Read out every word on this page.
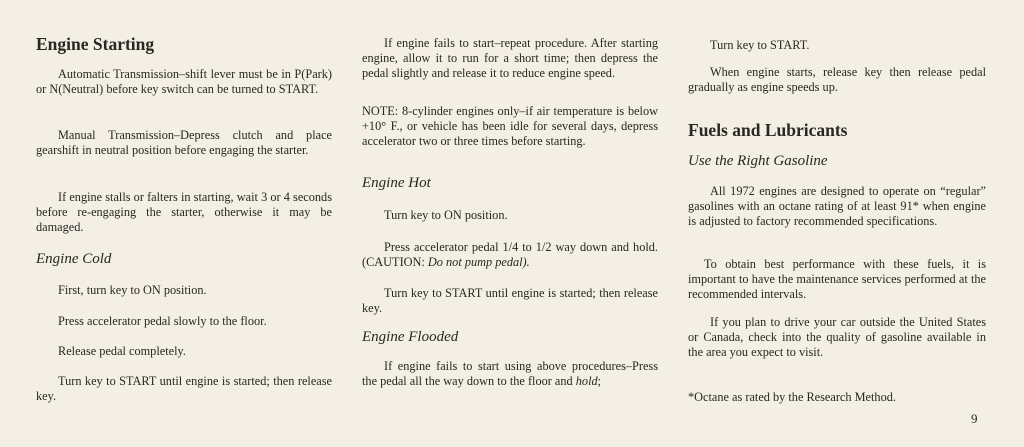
Engine Starting

Automatic Transmission–shift lever must be in P(Park) or N(Neutral) before key switch can be turned to START.

Manual Transmission–Depress clutch and place gearshift in neutral position before engaging the starter.

If engine stalls or falters in starting, wait 3 or 4 seconds before re-engaging the starter, otherwise it may be damaged.

Engine Cold

First, turn key to ON position.

Press accelerator pedal slowly to the floor.

Release pedal completely.

Turn key to START until engine is started; then release key.

If engine fails to start–repeat procedure. After starting engine, allow it to run for a short time; then depress the pedal slightly and release it to reduce engine speed.

NOTE: 8-cylinder engines only–if air temperature is below +10° F., or vehicle has been idle for several days, depress accelerator two or three times before starting.

Engine Hot

Turn key to ON position.

Press accelerator pedal 1/4 to 1/2 way down and hold. (CAUTION: Do not pump pedal).

Turn key to START until engine is started; then release key.

Engine Flooded

If engine fails to start using above procedures–Press the pedal all the way down to the floor and hold;

Turn key to START.

When engine starts, release key then release pedal gradually as engine speeds up.

Fuels and Lubricants
Use the Right Gasoline

All 1972 engines are designed to operate on “regular” gasolines with an octane rating of at least 91* when engine is adjusted to factory recommended specifications.

To obtain best performance with these fuels, it is important to have the maintenance services performed at the recommended intervals.

If you plan to drive your car outside the United States or Canada, check into the quality of gasoline available in the area you expect to visit.

*Octane as rated by the Research Method.

9
